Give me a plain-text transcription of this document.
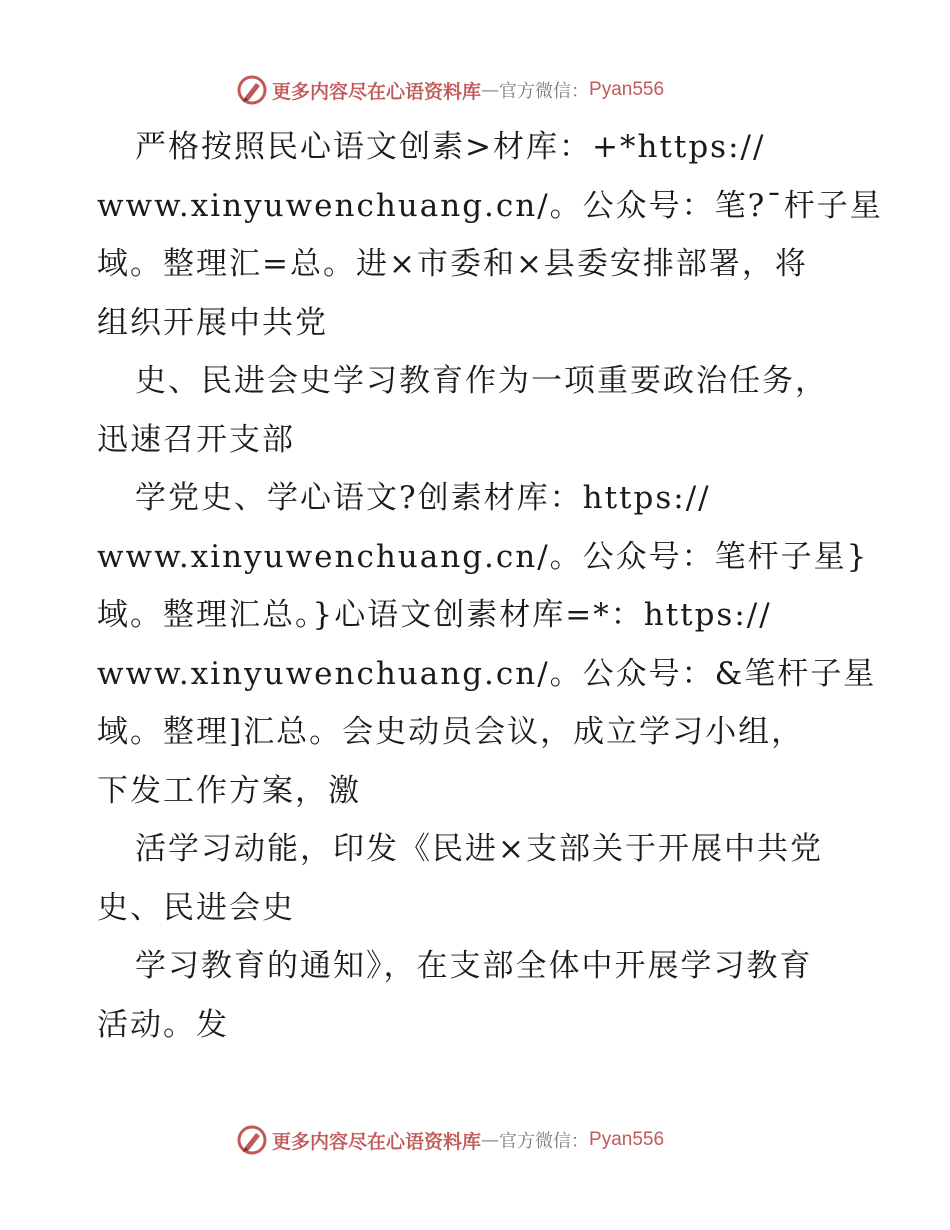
更多内容尽在心语资料库 — 官方微信： Pyan556
严格按照民心语文创素>材库：+*https://
www.xinyuwenchuang.cn/。公众号：笔?¯杆子星
域。整理汇=总。进×市委和×县委安排部署，将
组织开展中共党
史、民进会史学习教育作为一项重要政治任务，
迅速召开支部
学党史、学心语文?创素材库：https://
www.xinyuwenchuang.cn/。公众号：笔杆子星}
域。整理汇总。}心语文创素材库=*：https://
www.xinyuwenchuang.cn/。公众号：&笔杆子星
域。整理]汇总。会史动员会议，成立学习小组，
下发工作方案，激
活学习动能，印发《民进×支部关于开展中共党
史、民进会史
学习教育的通知》，在支部全体中开展学习教育
活动。发
更多内容尽在心语资料库 — 官方微信： Pyan556
